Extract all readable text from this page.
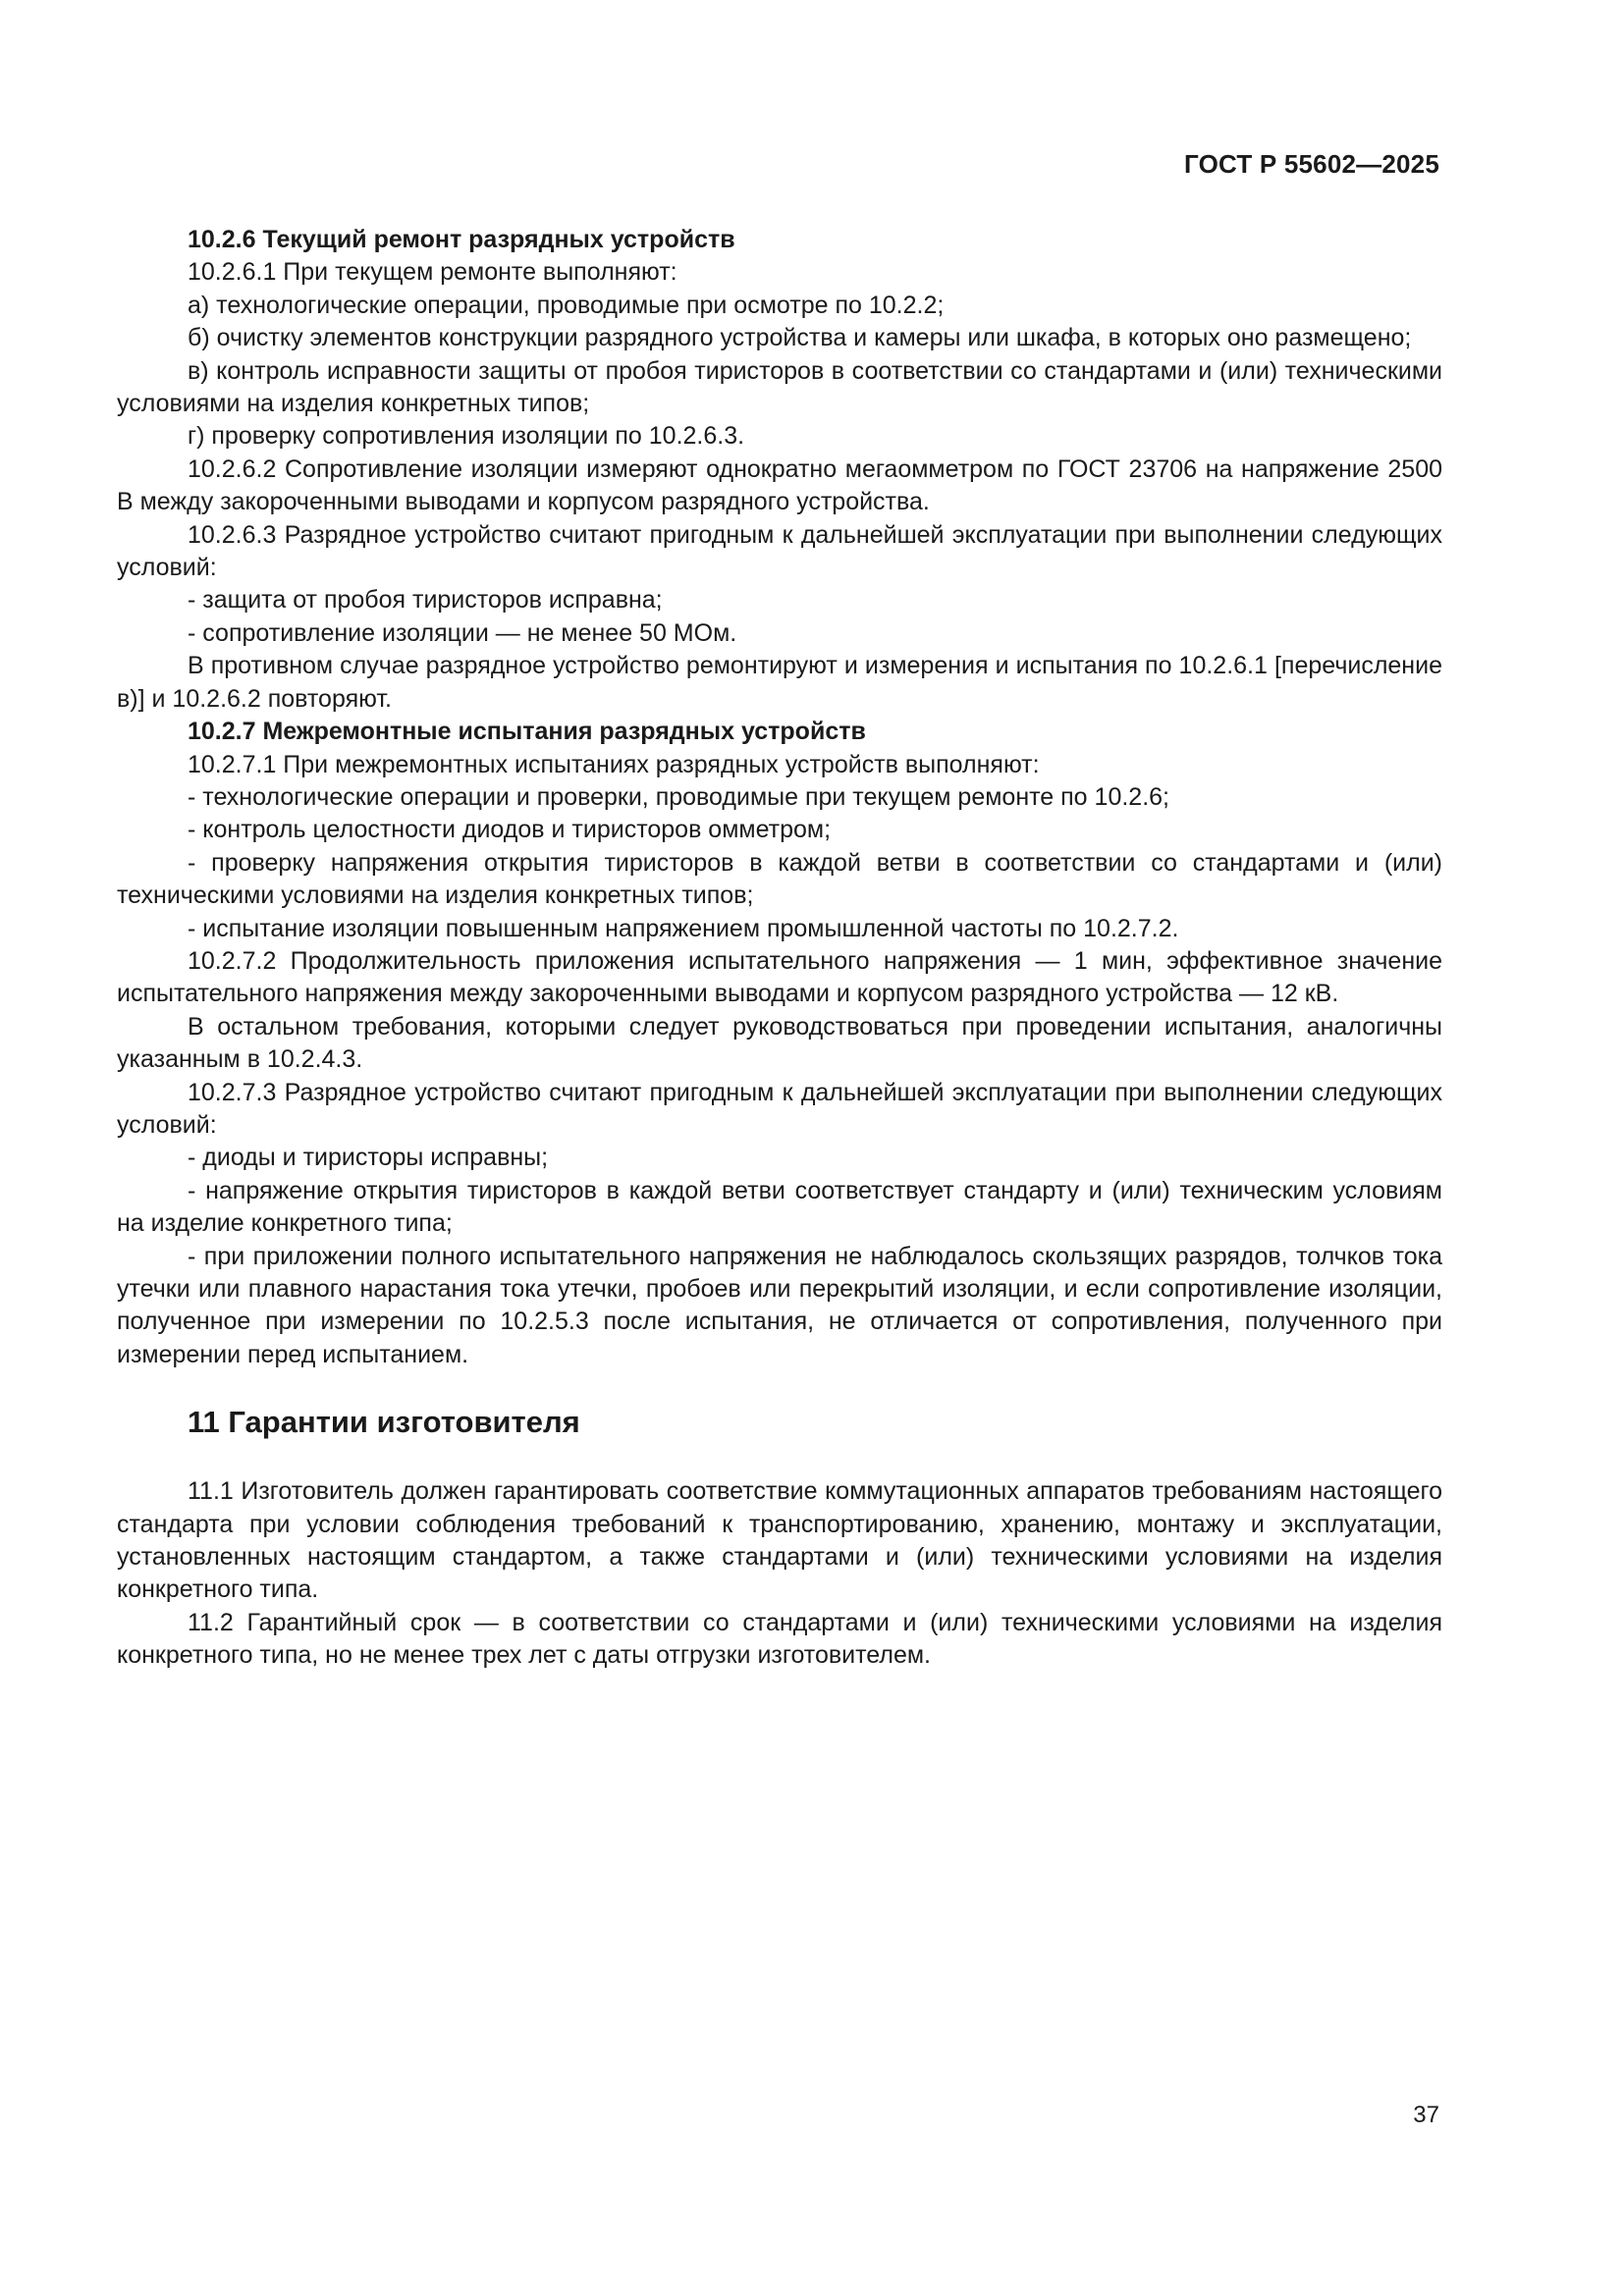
ГОСТ Р 55602—2025

10.2.6 Текущий ремонт разрядных устройств

10.2.6.1 При текущем ремонте выполняют:

а) технологические операции, проводимые при осмотре по 10.2.2;

б) очистку элементов конструкции разрядного устройства и камеры или шкафа, в которых оно размещено;

в) контроль исправности защиты от пробоя тиристоров в соответствии со стандартами и (или) техническими условиями на изделия конкретных типов;

г) проверку сопротивления изоляции по 10.2.6.3.

10.2.6.2 Сопротивление изоляции измеряют однократно мегаомметром по ГОСТ 23706 на напряжение 2500 В между закороченными выводами и корпусом разрядного устройства.

10.2.6.3 Разрядное устройство считают пригодным к дальнейшей эксплуатации при выполнении следующих условий:

- защита от пробоя тиристоров исправна;

- сопротивление изоляции — не менее 50 МОм.

В противном случае разрядное устройство ремонтируют и измерения и испытания по 10.2.6.1 [перечисление в)] и 10.2.6.2 повторяют.

10.2.7 Межремонтные испытания разрядных устройств

10.2.7.1 При межремонтных испытаниях разрядных устройств выполняют:

- технологические операции и проверки, проводимые при текущем ремонте по 10.2.6;

- контроль целостности диодов и тиристоров омметром;

- проверку напряжения открытия тиристоров в каждой ветви в соответствии со стандартами и (или) техническими условиями на изделия конкретных типов;

- испытание изоляции повышенным напряжением промышленной частоты по 10.2.7.2.

10.2.7.2 Продолжительность приложения испытательного напряжения — 1 мин, эффективное значение испытательного напряжения между закороченными выводами и корпусом разрядного устройства — 12 кВ.

В остальном требования, которыми следует руководствоваться при проведении испытания, аналогичны указанным в 10.2.4.3.

10.2.7.3 Разрядное устройство считают пригодным к дальнейшей эксплуатации при выполнении следующих условий:

- диоды и тиристоры исправны;

- напряжение открытия тиристоров в каждой ветви соответствует стандарту и (или) техническим условиям на изделие конкретного типа;

- при приложении полного испытательного напряжения не наблюдалось скользящих разрядов, толчков тока утечки или плавного нарастания тока утечки, пробоев или перекрытий изоляции, и если сопротивление изоляции, полученное при измерении по 10.2.5.3 после испытания, не отличается от сопротивления, полученного при измерении перед испытанием.

11 Гарантии изготовителя

11.1 Изготовитель должен гарантировать соответствие коммутационных аппаратов требованиям настоящего стандарта при условии соблюдения требований к транспортированию, хранению, монтажу и эксплуатации, установленных настоящим стандартом, а также стандартами и (или) техническими условиями на изделия конкретного типа.

11.2 Гарантийный срок — в соответствии со стандартами и (или) техническими условиями на изделия конкретного типа, но не менее трех лет с даты отгрузки изготовителем.

37
